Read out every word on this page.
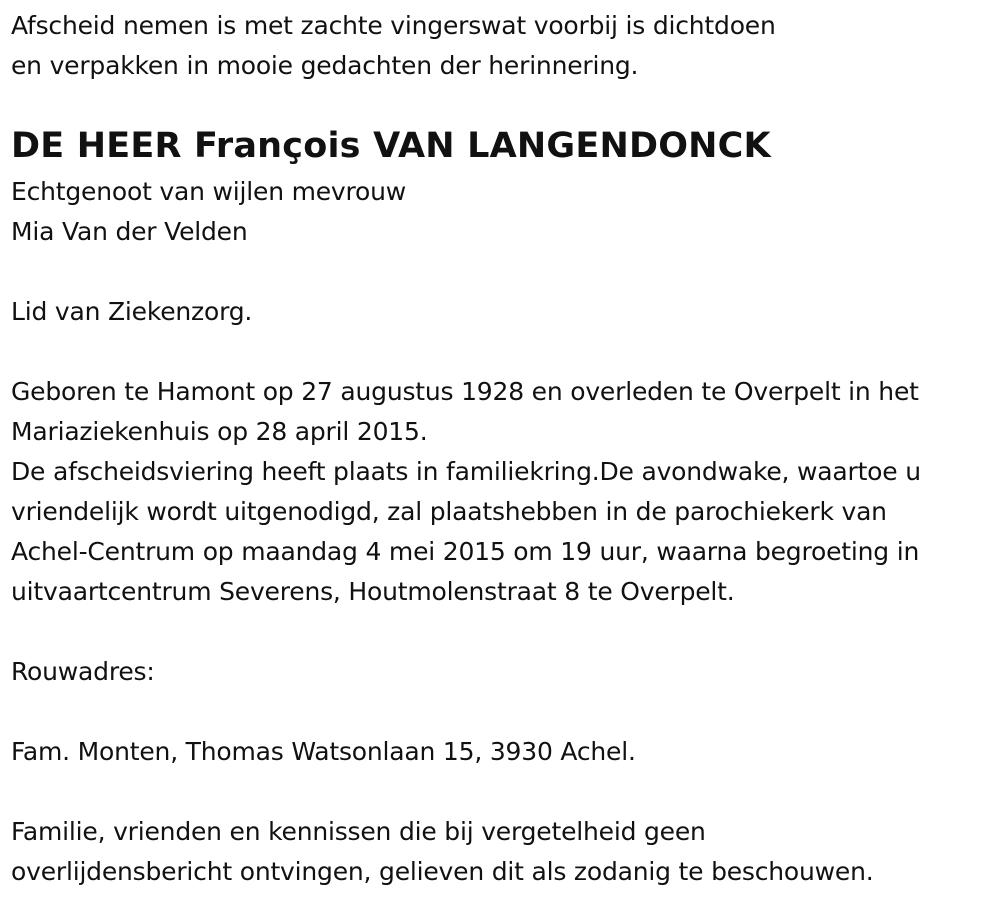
Afscheid nemen is met zachte vingerswat voorbij is dichtdoen
en verpakken in mooie gedachten der herinnering.
DE HEER François VAN LANGENDONCK
Echtgenoot van wijlen mevrouw
Mia Van der Velden
Lid van Ziekenzorg.
Geboren te Hamont op 27 augustus 1928 en overleden te Overpelt in het
Mariaziekenhuis op 28 april 2015.
De afscheidsviering heeft plaats in familiekring.De avondwake, waartoe u
vriendelijk wordt uitgenodigd, zal plaatshebben in de parochiekerk van
Achel-Centrum op maandag 4 mei 2015 om 19 uur, waarna begroeting in
uitvaartcentrum Severens, Houtmolenstraat 8 te Overpelt.
Rouwadres:
Fam. Monten, Thomas Watsonlaan 15, 3930 Achel.
Familie, vrienden en kennissen die bij vergetelheid geen
overlijdensbericht ontvingen, gelieven dit als zodanig te beschouwen.
